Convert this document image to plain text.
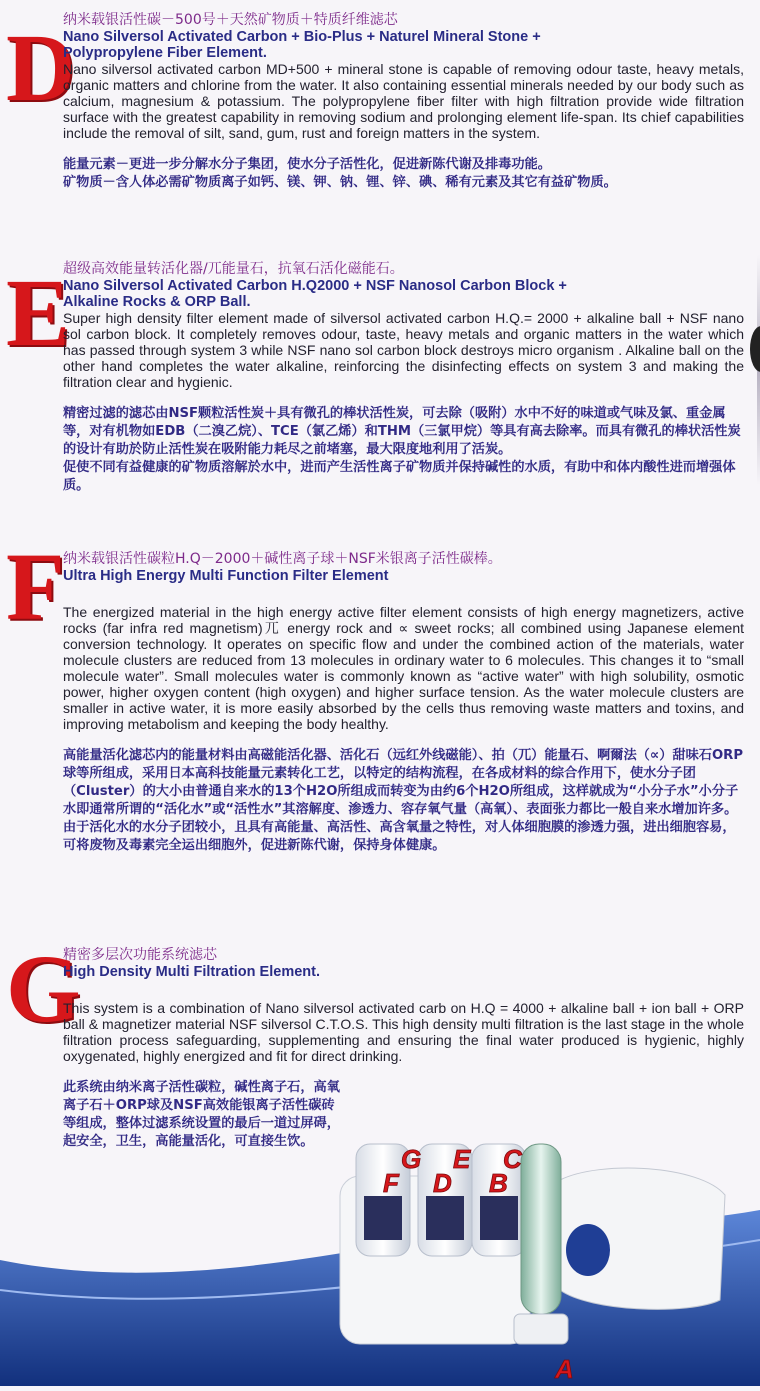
D
纳米载银活性碳－500号＋天然矿物质＋特质纤维滤芯
Nano Silversol Activated Carbon + Bio-Plus + Naturel Mineral Stone +
Polypropylene Fiber Element.
Nano silversol activated carbon MD+500 + mineral stone is capable of removing odour taste, heavy metals, organic matters and chlorine from the water. It also containing essential minerals needed by our body such as calcium, magnesium & potassium. The polypropylene fiber filter with high filtration provide wide filtration surface with the greatest capability in removing sodium and prolonging element life-span. Its chief capabilities include the removal of silt, sand, gum, rust and foreign matters in the system.
能量元素－更进一步分解水分子集团，使水分子活性化，促进新陈代谢及排毒功能。
矿物质－含人体必需矿物质离子如钙、镁、钾、钠、锂、锌、碘、稀有元素及其它有益矿物质。
E
超级高效能量转活化器/兀能量石，抗氧石活化磁能石。
Nano Silversol Activated Carbon H.Q2000 + NSF Nanosol Carbon Block +
Alkaline Rocks & ORP Ball.
Super high density filter element made of silversol activated carbon H.Q.= 2000 + alkaline ball + NSF nano sol carbon block. It completely removes odour, taste, heavy metals and organic matters in the water which has passed through system 3 while NSF nano sol carbon block destroys micro organism . Alkaline ball on the other hand completes the water alkaline, reinforcing the disinfecting effects on system 3 and making the filtration clear and hygienic.
精密过滤的滤芯由NSF颗粒活性炭＋具有微孔的棒状活性炭，可去除（吸附）水中不好的味道或气味及氯、重金属等，对有机物如EDB（二溴乙烷）、TCE（氯乙烯）和THM（三氯甲烷）等具有高去除率。而具有微孔的棒状活性炭的设计有助於防止活性炭在吸附能力耗尽之前堵塞，最大限度地利用了活炭。
促使不同有益健康的矿物质溶解於水中，进而产生活性离子矿物质并保持碱性的水质，有助中和体内酸性进而增强体质。
F
纳米载银活性碳粒H.Q－2000＋碱性离子球＋NSF米银离子活性碳棒。
Ultra High Energy Multi Function Filter Element
The energized material in the high energy active filter element consists of high energy magnetizers, active rocks (far infra red magnetism)兀 energy rock and ∝ sweet rocks; all combined using Japanese element conversion technology. It operates on specific flow and under the combined action of the materials, water molecule clusters are reduced from 13 molecules in ordinary water to 6 molecules. This changes it to “small molecule water”. Small molecules water is commonly known as “active water” with high solubility, osmotic power, higher oxygen content (high oxygen) and higher surface tension. As the water molecule clusters are smaller in active water, it is more easily absorbed by the cells thus removing waste matters and toxins, and improving metabolism and keeping the body healthy.
高能量活化滤芯内的能量材料由高磁能活化器、活化石（远红外线磁能）、拍（兀）能量石、啊爾法（∝）甜味石ORP球等所组成，采用日本高科技能量元素转化工艺，以特定的结构流程，在各成材料的综合作用下，使水分子团（Cluster）的大小由普通自来水的13个H2O所组成而转变为由约6个H2O所组成，这样就成为“小分子水”小分子水即通常所谓的“活化水”或“活性水”其溶解度、渗透力、容存氧气量（高氧）、表面张力都比一般自来水增加许多。由于活化水的水分子团较小，且具有高能量、高活性、高含氧量之特性，对人体细胞膜的渗透力强，进出细胞容易，可将废物及毒素完全运出细胞外，促进新陈代谢，保持身体健康。
G
精密多层次功能系统滤芯
High Density Multi Filtration Element.
This system is a combination of Nano silversol activated carb on H.Q = 4000 + alkaline ball + ion ball + ORP ball & magnetizer material NSF silversol C.T.O.S. This high density multi filtration is the last stage in the whole filtration process safeguarding, supplementing and ensuring the final water produced is hygienic, highly oxygenated, highly energized and fit for direct drinking.
此系统由纳米离子活性碳粒，碱性离子石，高氧离子石＋ORP球及NSF高效能银离子活性碳砖等组成，整体过滤系统设置的最后一道过屏碍，起安全，卫生，高能量活化，可直接生饮。
G E C
F D B
A
